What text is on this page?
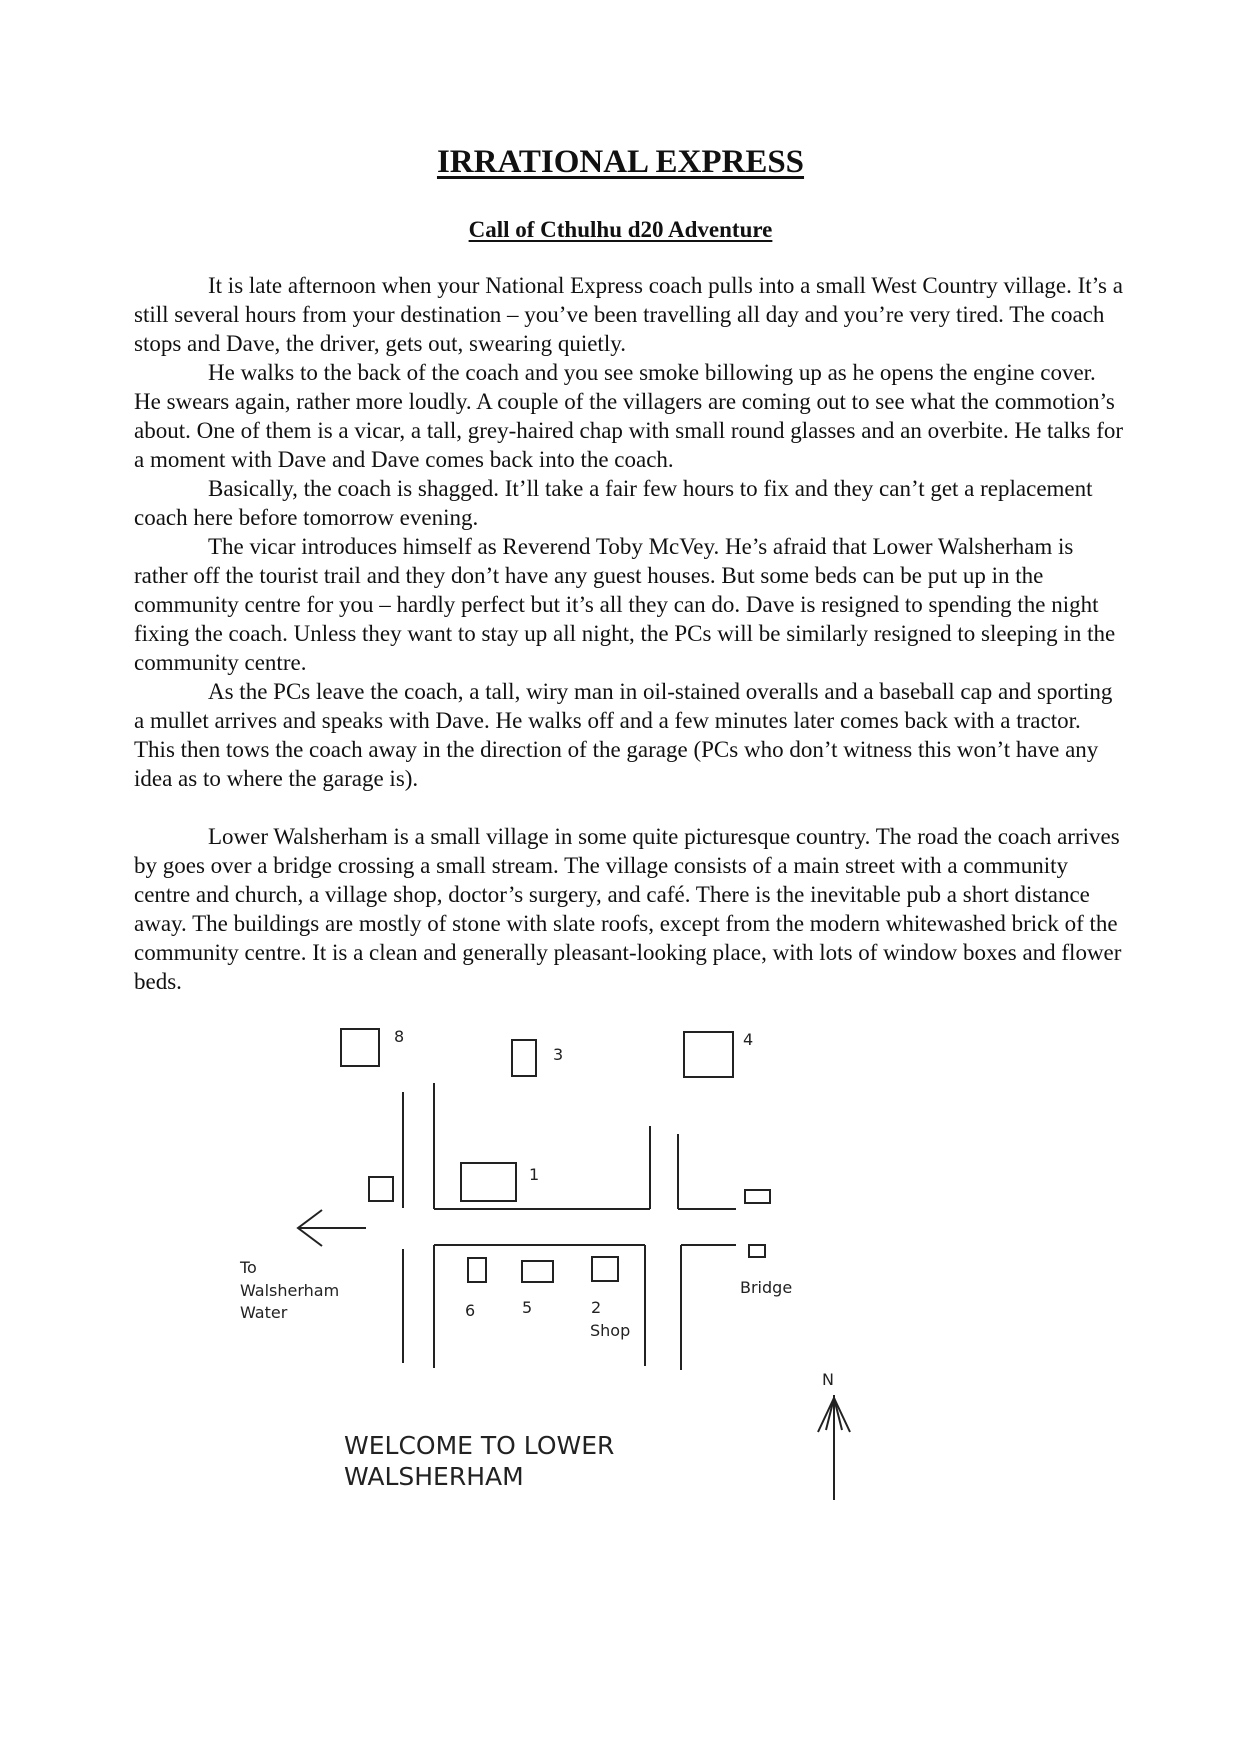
IRRATIONAL EXPRESS
Call of Cthulhu d20 Adventure

It is late afternoon when your National Express coach pulls into a small West Country village. It’s a still several hours from your destination – you’ve been travelling all day and you’re very tired. The coach stops and Dave, the driver, gets out, swearing quietly.

He walks to the back of the coach and you see smoke billowing up as he opens the engine cover. He swears again, rather more loudly. A couple of the villagers are coming out to see what the commotion’s about. One of them is a vicar, a tall, grey-haired chap with small round glasses and an overbite. He talks for a moment with Dave and Dave comes back into the coach.

Basically, the coach is shagged. It’ll take a fair few hours to fix and they can’t get a replacement coach here before tomorrow evening.

The vicar introduces himself as Reverend Toby McVey. He’s afraid that Lower Walsherham is rather off the tourist trail and they don’t have any guest houses. But some beds can be put up in the community centre for you – hardly perfect but it’s all they can do. Dave is resigned to spending the night fixing the coach. Unless they want to stay up all night, the PCs will be similarly resigned to sleeping in the community centre.

As the PCs leave the coach, a tall, wiry man in oil-stained overalls and a baseball cap and sporting a mullet arrives and speaks with Dave. He walks off and a few minutes later comes back with a tractor. This then tows the coach away in the direction of the garage (PCs who don’t witness this won’t have any idea as to where the garage is).

Lower Walsherham is a small village in some quite picturesque country. The road the coach arrives by goes over a bridge crossing a small stream. The village consists of a main street with a community centre and church, a village shop, doctor’s surgery, and café. There is the inevitable pub a short distance away. The buildings are mostly of stone with slate roofs, except from the modern whitewashed brick of the community centre. It is a clean and generally pleasant-looking place, with lots of window boxes and flower beds.

8
3
4
1
6	5	2
Shop
Bridge
To
Walsherham
Water
N
WELCOME TO LOWER
WALSHERHAM
